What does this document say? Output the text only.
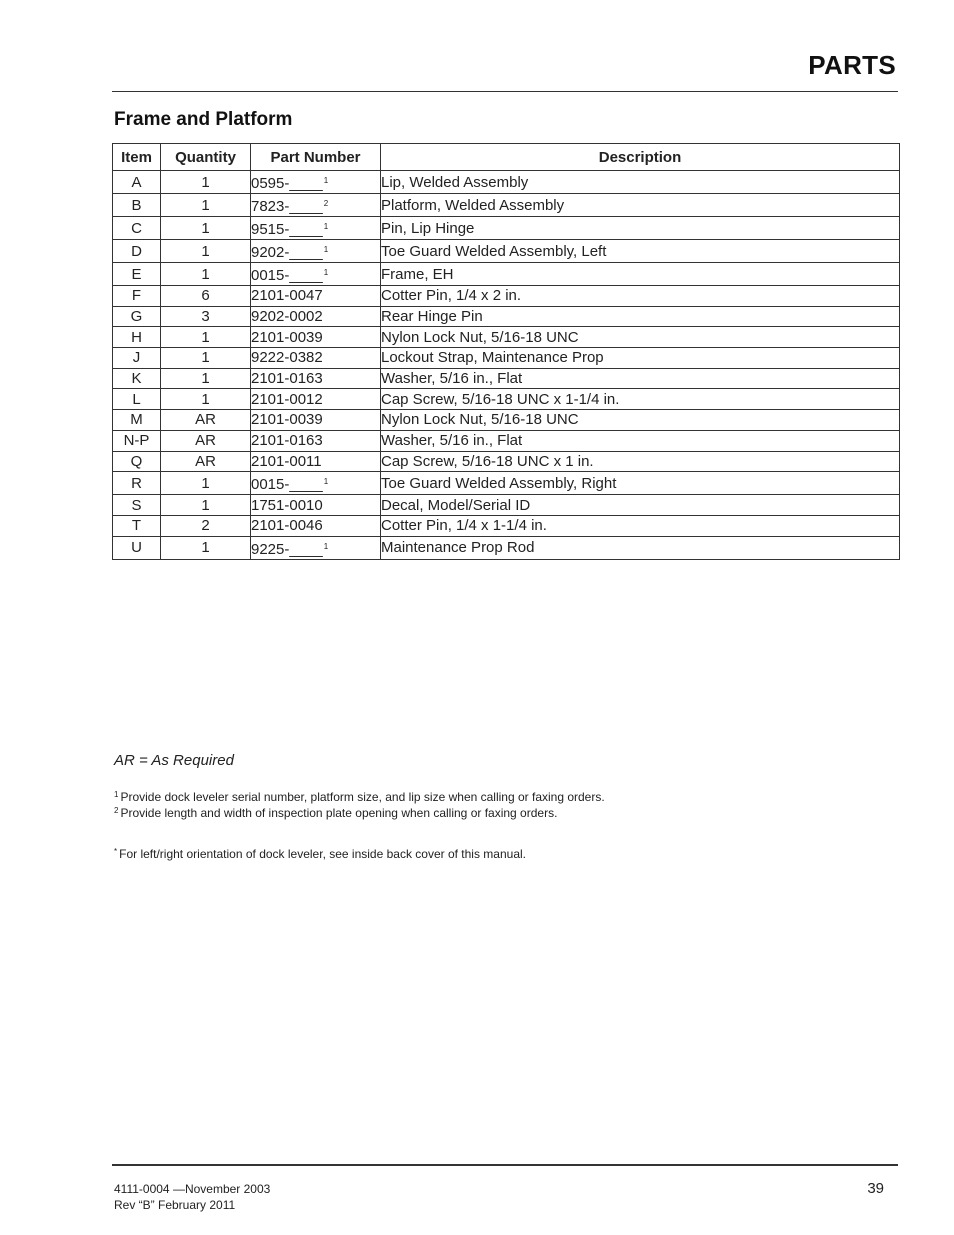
PARTS
Frame and Platform
Item	Quantity	Part Number	Description
A	1	0595-____$^1$	Lip, Welded Assembly
B	1	7823-____$^2$	Platform, Welded Assembly
C	1	9515-____$^1$	Pin, Lip Hinge
D	1	9202-____$^1$	Toe Guard Welded Assembly, Left
E	1	0015-____$^1$	Frame, EH
F	6	2101-0047	Cotter Pin, 1/4 x 2 in.
G	3	9202-0002	Rear Hinge Pin
H	1	2101-0039	Nylon Lock Nut, 5/16-18 UNC
J	1	9222-0382	Lockout Strap, Maintenance Prop
K	1	2101-0163	Washer, 5/16 in., Flat
L	1	2101-0012	Cap Screw, 5/16-18 UNC x 1-1/4 in.
M	AR	2101-0039	Nylon Lock Nut, 5/16-18 UNC
N-P	AR	2101-0163	Washer, 5/16 in., Flat
Q	AR	2101-0011	Cap Screw, 5/16-18 UNC x 1 in.
R	1	0015-____$^1$	Toe Guard Welded Assembly, Right
S	1	1751-0010	Decal, Model/Serial ID
T	2	2101-0046	Cotter Pin, 1/4 x 1-1/4 in.
U	1	9225-____$^1$	Maintenance Prop Rod
AR = As Required
$^1$ Provide dock leveler serial number, platform size, and lip size when calling or faxing orders.
$^2$ Provide length and width of inspection plate opening when calling or faxing orders.
* For left/right orientation of dock leveler, see inside back cover of this manual.
4111-0004 —November 2003
Rev “B” February 2011
39
